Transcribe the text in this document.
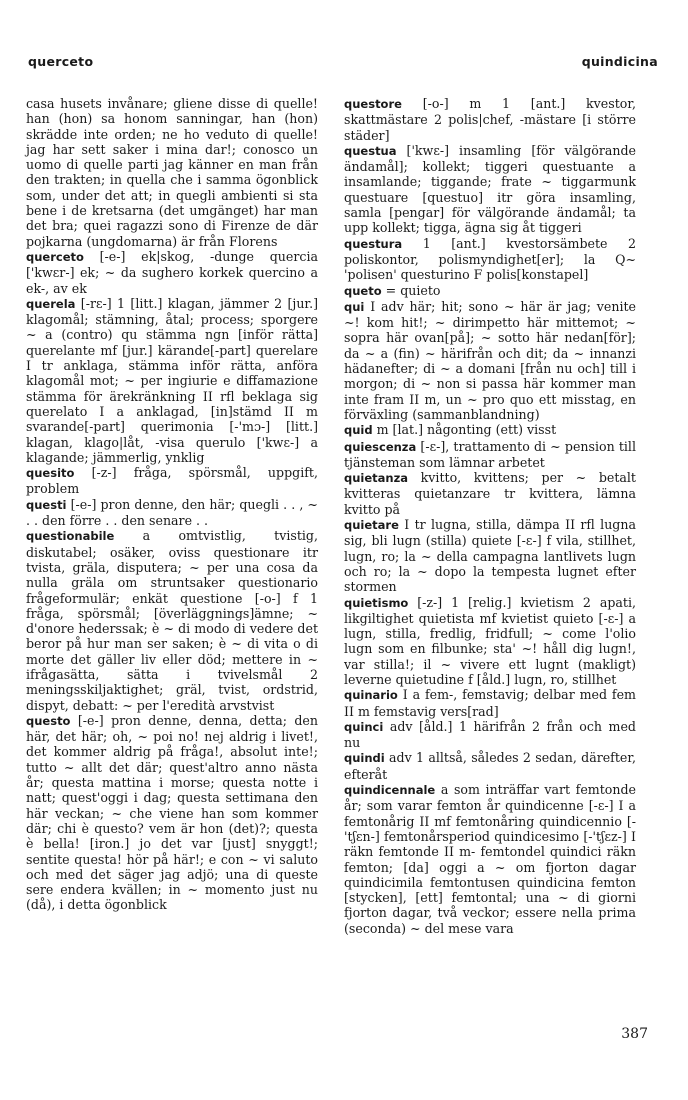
querceto	quindicina

casa husets invånare; gliene disse di quelle! han (hon) sa honom sanningar, han (hon) skrädde inte orden; ne ho veduto di quelle! jag har sett saker i mina dar!; conosco un uomo di quelle parti jag känner en man från den trakten; in quella che i samma ögonblick som, under det att; in quegli ambienti si sta bene i de kretsarna (det umgänget) har man det bra; quei ragazzi sono di Firenze de där pojkarna (ungdomarna) är från Florens

querceto [-e-] ek|skog, -dunge quercia ['kwɛr-] ek; ~ da sughero korkek quercino a ek-, av ek

querela [-rɛ-] 1 [litt.] klagan, jämmer 2 [jur.] klagomål; stämning, åtal; process; sporgere ~ a (contro) qu stämma ngn [inför rätta] querelante mf [jur.] kärande[-part] querelare I tr anklaga, stämma inför rätta, anföra klagomål mot; ~ per ingiurie e diffamazione stämma för ärekränkning II rfl beklaga sig querelato I a anklagad, [in]stämd II m svarande[-part] querimonia [-'mɔ-] [litt.] klagan, klago|låt, -visa querulo ['kwɛ-] a klagande; jämmerlig, ynklig

quesito [-z-] fråga, spörsmål, uppgift, problem

questi [-e-] pron denne, den här; quegli . . , ~ . . den förre . . den senare . .

questionabile a omtvistlig, tvistig, diskutabel; osäker, oviss questionare itr tvista, gräla, disputera; ~ per una cosa da nulla gräla om struntsaker questionario frågeformulär; enkät questione [-o-] f 1 fråga, spörsmål; [överläggnings]ämne; ~ d'onore hederssak; è ~ di modo di vedere det beror på hur man ser saken; è ~ di vita o di morte det gäller liv eller död; mettere in ~ ifrågasätta, sätta i tvivelsmål 2 meningsskiljaktighet; gräl, tvist, ordstrid, dispyt, debatt: ~ per l'eredità arvstvist

questo [-e-] pron denne, denna, detta; den här, det här; oh, ~ poi no! nej aldrig i livet!, det kommer aldrig på fråga!, absolut inte!; tutto ~ allt det där; quest'altro anno nästa år; questa mattina i morse; questa notte i natt; quest'oggi i dag; questa settimana den här veckan; ~ che viene han som kommer där; chi è questo? vem är hon (det)?; questa è bella! [iron.] jo det var [just] snyggt!; sentite questa! hör på här!; e con ~ vi saluto och med det säger jag adjö; una di queste sere endera kvällen; in ~ momento just nu (då), i detta ögonblick

questore [-o-] m 1 [ant.] kvestor, skattmästare 2 polis|chef, -mästare [i större städer]

questua ['kwɛ-] insamling [för välgörande ändamål]; kollekt; tiggeri questuante a insamlande; tiggande; frate ~ tiggarmunk questuare [questuo] itr göra insamling, samla [pengar] för välgörande ändamål; ta upp kollekt; tigga, ägna sig åt tiggeri

questura 1 [ant.] kvestorsämbete 2 poliskontor, polismyndighet[er]; la Q~ 'polisen' questurino F polis[konstapel]

queto = quieto

qui I adv här; hit; sono ~ här är jag; venite ~! kom hit!; ~ dirimpetto här mittemot; ~ sopra här ovan[på]; ~ sotto här nedan[för]; da ~ a (fin) ~ härifrån och dit; da ~ innanzi hädanefter; di ~ a domani [från nu och] till i morgon; di ~ non si passa här kommer man inte fram II m, un ~ pro quo ett misstag, en förväxling (sammanblandning)

quid m [lat.] någonting (ett) visst

quiescenza [-ɛ-], trattamento di ~ pension till tjänsteman som lämnar arbetet

quietanza kvitto, kvittens; per ~ betalt kvitteras quietanzare tr kvittera, lämna kvitto på

quietare I tr lugna, stilla, dämpa II rfl lugna sig, bli lugn (stilla) quiete [-ɛ-] f vila, stillhet, lugn, ro; la ~ della campagna lantlivets lugn och ro; la ~ dopo la tempesta lugnet efter stormen

quietismo [-z-] 1 [relig.] kvietism 2 apati, likgiltighet quietista mf kvietist quieto [-ɛ-] a lugn, stilla, fredlig, fridfull; ~ come l'olio lugn som en filbunke; sta' ~! håll dig lugn!, var stilla!; il ~ vivere ett lugnt (makligt) leverne quietudine f [åld.] lugn, ro, stillhet

quinario I a fem-, femstavig; delbar med fem II m femstavig vers[rad]

quinci adv [åld.] 1 härifrån 2 från och med nu

quindi adv 1 alltså, således 2 sedan, därefter, efteråt

quindicennale a som inträffar vart femtonde år; som varar femton år quindicenne [-ɛ-] I a femtonårig II mf femtonåring quindicennio [-'tʃɛn-] femtonårsperiod quindicesimo [-'tʃɛz-] I räkn femtonde II m- femtondel quindici räkn femton; [da] oggi a ~ om fjorton dagar quindicimila femtontusen quindicina femton [stycken], [ett] femtontal; una ~ di giorni fjorton dagar, två veckor; essere nella prima (seconda) ~ del mese vara

387
